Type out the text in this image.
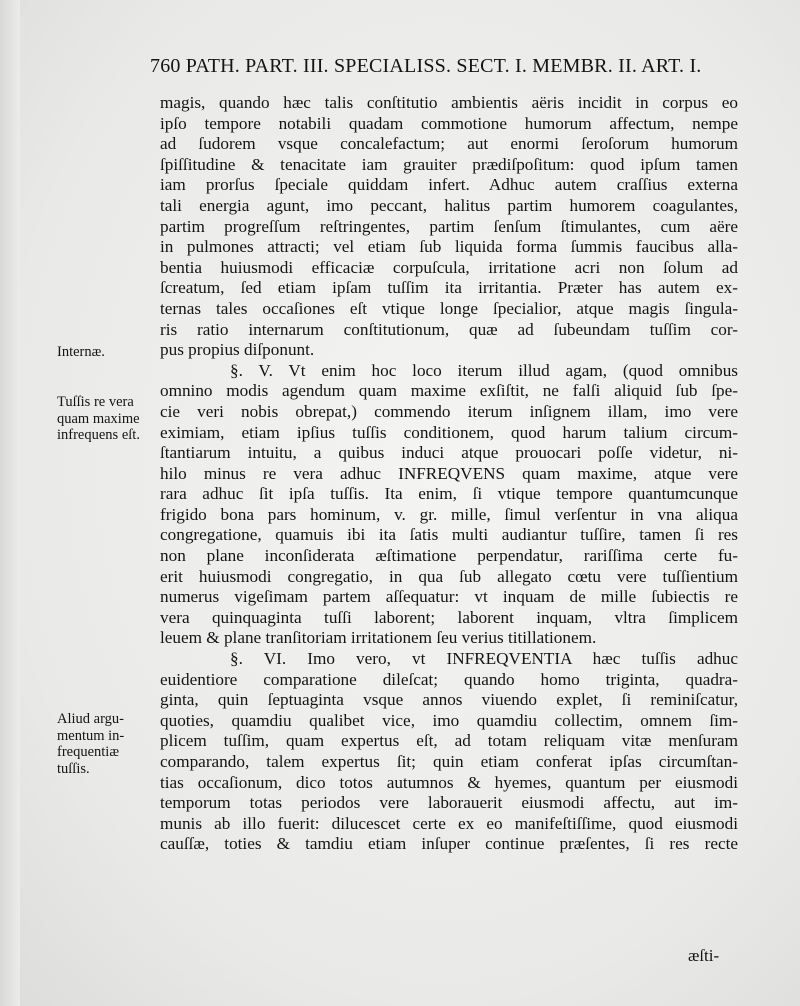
760 PATH. PART. III. SPECIALISS. SECT. I. MEMBR. II. ART. I.
Internæ.
Tuſſis re vera
quam maxime
infrequens eſt.
Aliud argu-
mentum in-
frequentiæ
tuſſis.
magis, quando hæc talis conſtitutio ambientis aëris incidit in corpus eo
ipſo tempore notabili quadam commotione humorum affectum, nempe
ad ſudorem vsque concalefactum; aut enormi ſeroſorum humorum
ſpiſſitudine & tenacitate iam grauiter prædiſpoſitum: quod ipſum tamen
iam prorſus ſpeciale quiddam infert. Adhuc autem craſſius externa
tali energia agunt, imo peccant, halitus partim humorem coagulantes,
partim progreſſum reſtringentes, partim ſenſum ſtimulantes, cum aëre
in pulmones attracti; vel etiam ſub liquida forma ſummis faucibus alla-
bentia huiusmodi efficaciæ corpuſcula, irritatione acri non ſolum ad
ſcreatum, ſed etiam ipſam tuſſim ita irritantia. Præter has autem ex-
ternas tales occaſiones eſt vtique longe ſpecialior, atque magis ſingula-
ris ratio internarum conſtitutionum, quæ ad ſubeundam tuſſim cor-
pus propius diſponunt.
§. V. Vt enim hoc loco iterum illud agam, (quod omnibus
omnino modis agendum quam maxime exſiſtit, ne falſi aliquid ſub ſpe-
cie veri nobis obrepat,) commendo iterum inſignem illam, imo vere
eximiam, etiam ipſius tuſſis conditionem, quod harum talium circum-
ſtantiarum intuitu, a quibus induci atque prouocari poſſe videtur, ni-
hilo minus re vera adhuc INFREQVENS quam maxime, atque vere
rara adhuc ſit ipſa tuſſis. Ita enim, ſi vtique tempore quantumcunque
frigido bona pars hominum, v. gr. mille, ſimul verſentur in vna aliqua
congregatione, quamuis ibi ita ſatis multi audiantur tuſſire, tamen ſi res
non plane inconſiderata æſtimatione perpendatur, rariſſima certe fu-
erit huiusmodi congregatio, in qua ſub allegato cœtu vere tuſſientium
numerus vigeſimam partem aſſequatur: vt inquam de mille ſubiectis re
vera quinquaginta tuſſi laborent; laborent inquam, vltra ſimplicem
leuem & plane tranſitoriam irritationem ſeu verius titillationem.
§. VI. Imo vero, vt INFREQVENTIA hæc tuſſis adhuc
euidentiore comparatione dileſcat; quando homo triginta, quadra-
ginta, quin ſeptuaginta vsque annos viuendo explet, ſi reminiſcatur,
quoties, quamdiu qualibet vice, imo quamdiu collectim, omnem ſim-
plicem tuſſim, quam expertus eſt, ad totam reliquam vitæ menſuram
comparando, talem expertus ſit; quin etiam conferat ipſas circumſtan-
tias occaſionum, dico totos autumnos & hyemes, quantum per eiusmodi
temporum totas periodos vere laborauerit eiusmodi affectu, aut im-
munis ab illo fuerit: dilucescet certe ex eo manifeſtiſſime, quod eiusmodi
cauſſæ, toties & tamdiu etiam inſuper continue præſentes, ſi res recte
æſti-
